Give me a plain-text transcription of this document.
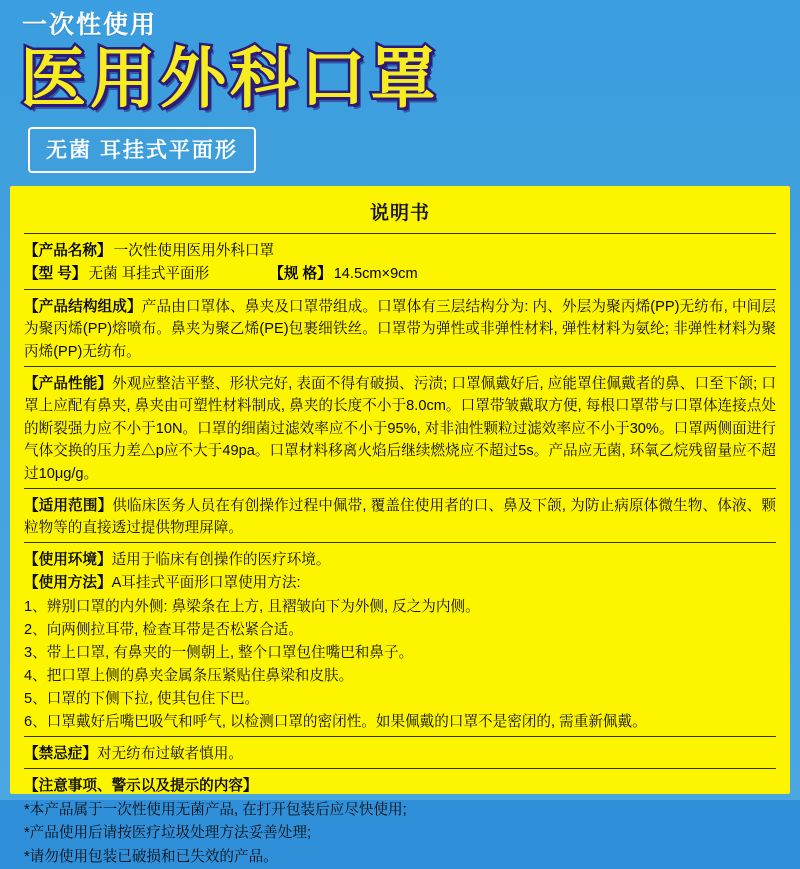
一次性使用
医用外科口罩
无菌 耳挂式平面形
说明书
【产品名称】 一次性使用医用外科口罩
【型 号】 无菌 耳挂式平面形	【规 格】 14.5cm×9cm
【产品结构组成】产品由口罩体、鼻夹及口罩带组成。口罩体有三层结构分为: 内、外层为聚丙烯(PP)无纺布, 中间层为聚丙烯(PP)熔喷布。鼻夹为聚乙烯(PE)包裹细铁丝。口罩带为弹性或非弹性材料, 弹性材料为氨纶; 非弹性材料为聚丙烯(PP)无纺布。
【产品性能】外观应整洁平整、形状完好, 表面不得有破损、污渍; 口罩佩戴好后, 应能罩住佩戴者的鼻、口至下颌; 口罩上应配有鼻夹, 鼻夹由可塑性材料制成, 鼻夹的长度不小于8.0cm。口罩带皱戴取方便, 每根口罩带与口罩体连接点处的断裂强力应不小于10N。口罩的细菌过滤效率应不小于95%, 对非油性颗粒过滤效率应不小于30%。口罩两侧面进行气体交换的压力差△p应不大于49pa。口罩材料移离火焰后继续燃烧应不超过5s。产品应无菌, 环氧乙烷残留量应不超过10μg/g。
【适用范围】供临床医务人员在有创操作过程中佩带, 覆盖住使用者的口、鼻及下颌, 为防止病原体微生物、体液、颗粒物等的直接透过提供物理屏障。
【使用环境】适用于临床有创操作的医疗环境。
【使用方法】A耳挂式平面形口罩使用方法:
1、辨别口罩的内外侧: 鼻梁条在上方, 且褶皱向下为外侧, 反之为内侧。
2、向两侧拉耳带, 检查耳带是否松紧合适。
3、带上口罩, 有鼻夹的一侧朝上, 整个口罩包住嘴巴和鼻子。
4、把口罩上侧的鼻夹金属条压紧贴住鼻梁和皮肤。
5、口罩的下侧下拉, 使其包住下巴。
6、口罩戴好后嘴巴吸气和呼气, 以检测口罩的密闭性。如果佩戴的口罩不是密闭的, 需重新佩戴。
【禁忌症】对无纺布过敏者慎用。
【注意事项、警示以及提示的内容】
*本产品属于一次性使用无菌产品, 在打开包装后应尽快使用;
*产品使用后请按医疗垃圾处理方法妥善处理;
*请勿使用包装已破损和已失效的产品。
